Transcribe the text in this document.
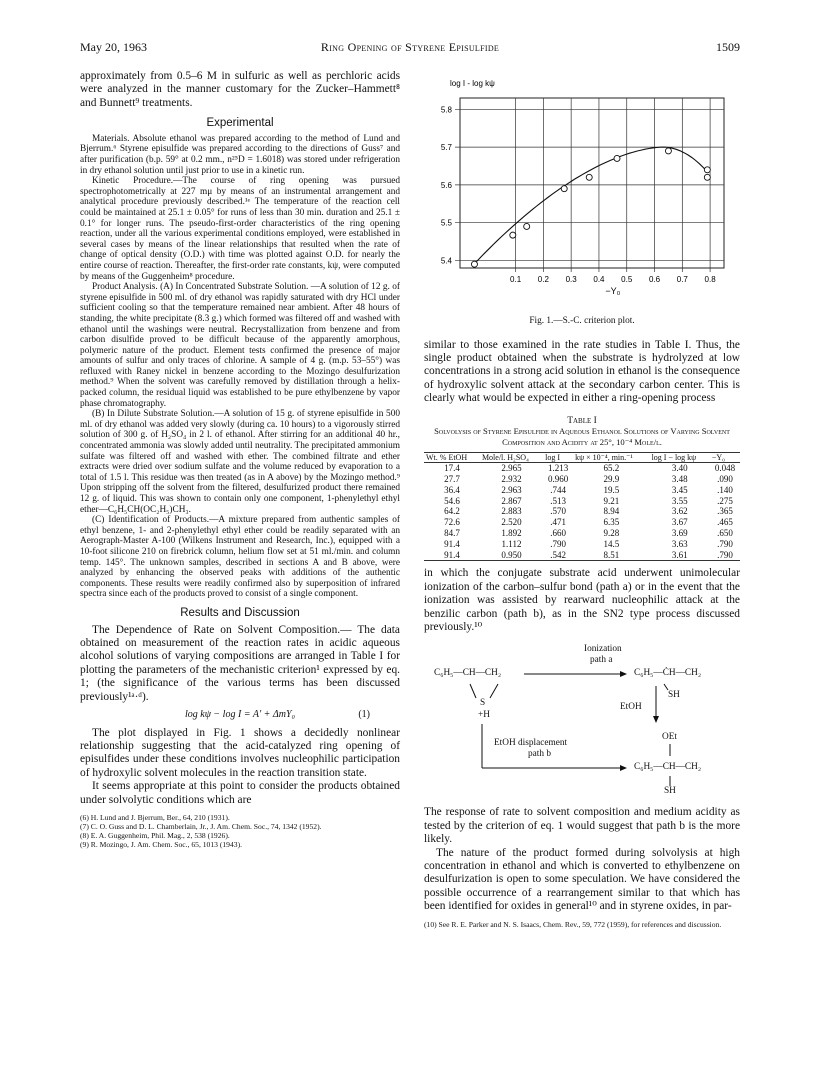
May 20, 1963	Ring Opening of Styrene Episulfide	1509

approximately from 0.5–6 M in sulfuric as well as perchloric acids were analyzed in the manner customary for the Zucker–Hammett⁸ and Bunnett⁹ treatments.

Experimental

Materials. Absolute ethanol was prepared according to the method of Lund and Bjerrum.⁶ Styrene episulfide was prepared according to the directions of Guss⁷ and after purification (b.p. 59° at 0.2 mm., n²⁵D = 1.6018) was stored under refrigeration in dry ethanol solution until just prior to use in a kinetic run.

Kinetic Procedure.—The course of ring opening was pursued spectrophotometrically at 227 mμ by means of an instrumental arrangement and analytical procedure previously described.¹ᵉ The temperature of the reaction cell could be maintained at 25.1 ± 0.05° for runs of less than 30 min. duration and 25.1 ± 0.1° for longer runs. The pseudo-first-order characteristics of the ring opening reaction, under all the various experimental conditions employed, were established in several cases by means of the linear relationships that resulted when the rate of change of optical density (O.D.) with time was plotted against O.D. for nearly the entire course of reaction. Thereafter, the first-order rate constants, kψ, were computed by means of the Guggenheim⁸ procedure.

Product Analysis. (A) In Concentrated Substrate Solution. —A solution of 12 g. of styrene episulfide in 500 ml. of dry ethanol was rapidly saturated with dry HCl under sufficient cooling so that the temperature remained near ambient. After 48 hours of standing, the white precipitate (8.3 g.) which formed was filtered off and washed with ethanol until the washings were neutral. Recrystallization from benzene and from carbon disulfide proved to be difficult because of the apparently amorphous, polymeric nature of the product. Element tests confirmed the presence of major amounts of sulfur and only traces of chlorine. A sample of 4 g. (m.p. 53–55°) was refluxed with Raney nickel in benzene according to the Mozingo desulfurization method.⁹ When the solvent was carefully removed by distillation through a helix-packed column, the residual liquid was established to be pure ethylbenzene by vapor phase chromatography.

(B) In Dilute Substrate Solution.—A solution of 15 g. of styrene episulfide in 500 ml. of dry ethanol was added very slowly (during ca. 10 hours) to a vigorously stirred solution of 300 g. of H₂SO₄ in 2 l. of ethanol. After stirring for an additional 40 hr., concentrated ammonia was slowly added until neutrality. The precipitated ammonium sulfate was filtered off and washed with ether. The combined filtrate and ether extracts were dried over sodium sulfate and the volume reduced by evaporation to a total of 1.5 l. This residue was then treated (as in A above) by the Mozingo method.⁹ Upon stripping off the solvent from the filtered, desulfurized product there remained 12 g. of liquid. This was shown to contain only one component, 1-phenylethyl ethyl ether—C₆H₅CH(OC₂H₅)CH₃.

(C) Identification of Products.—A mixture prepared from authentic samples of ethyl benzene, 1- and 2-phenylethyl ethyl ether could be readily separated with an Aerograph-Master A-100 (Wilkens Instrument and Research, Inc.), equipped with a 10-foot silicone 210 on firebrick column, helium flow set at 51 ml./min. and column temp. 145°. The unknown samples, described in sections A and B above, were analyzed by enhancing the observed peaks with additions of the authentic components. These results were readily confirmed also by superposition of infrared spectra since each of the products proved to consist of a single component.

Results and Discussion

The Dependence of Rate on Solvent Composition.— The data obtained on measurement of the reaction rates in acidic aqueous alcohol solutions of varying compositions are arranged in Table I for plotting the parameters of the mechanistic criterion¹ expressed by eq. 1; (the significance of the various terms has been discussed previously¹ᵃ·ᵈ).

log kψ − log I = A′ + ΔmY₀	(1)

The plot displayed in Fig. 1 shows a decidedly nonlinear relationship suggesting that the acid-catalyzed ring opening of episulfides under these conditions involves nucleophilic participation of hydroxylic solvent molecules in the reaction transition state.

It seems appropriate at this point to consider the products obtained under solvolytic conditions which are

(6) H. Lund and J. Bjerrum, Ber., 64, 210 (1931).
(7) C. O. Guss and D. L. Chamberlain, Jr., J. Am. Chem. Soc., 74, 1342 (1952).
(8) E. A. Guggenheim, Phil. Mag., 2, 538 (1926).
(9) R. Mozingo, J. Am. Chem. Soc., 65, 1013 (1943).
5.4
5.5
5.6
5.7
5.8
0.1 0.2 0.3 0.4 0.5 0.6 0.7 0.8
log I - log kψ
−Y₀
Fig. 1.—S.-C. criterion plot.

similar to those examined in the rate studies in Table I. Thus, the single product obtained when the substrate is hydrolyzed at low concentrations in a strong acid solution in ethanol is the consequence of hydroxylic solvent attack at the secondary carbon center. This is clearly what would be expected in either a ring-opening process

Table I
Solvolysis of Styrene Episulfide in Aqueous Ethanol Solutions of Varying Solvent Composition and Acidity at 25°, 10⁻⁴ Mole/l.
Wt. % EtOH	Mole/l. H₂SO₄	log I	kψ × 10⁻⁴, min.⁻¹	log I − log kψ	−Y₀
17.4	2.965	1.213	65.2	3.40	0.048
27.7	2.932	0.960	29.9	3.48	.090
36.4	2.963	.744	19.5	3.45	.140
54.6	2.867	.513	9.21	3.55	.275
64.2	2.883	.570	8.94	3.62	.365
72.6	2.520	.471	6.35	3.67	.465
84.7	1.892	.660	9.28	3.69	.650
91.4	1.112	.790	14.5	3.63	.790
91.4	0.950	.542	8.51	3.61	.790

in which the conjugate substrate acid underwent unimolecular ionization of the carbon–sulfur bond (path a) or in the event that the ionization was assisted by rearward nucleophilic attack at the benzilic carbon (path b), as in the SN2 type process discussed previously.¹⁰

Ionization
path a
C₆H₅—CH—CH₂
S
+H
C₆H₅—ĊH—CH₂
SH
EtOH
EtOH displacement
path b
OEt
C₆H₅—CH—CH₂
SH

The response of rate to solvent composition and medium acidity as tested by the criterion of eq. 1 would suggest that path b is the more likely.

The nature of the product formed during solvolysis at high concentration in ethanol and which is converted to ethylbenzene on desulfurization is open to some speculation. We have considered the possible occurrence of a rearrangement similar to that which has been identified for oxides in general¹⁰ and in styrene oxides, in par-

(10) See R. E. Parker and N. S. Isaacs, Chem. Rev., 59, 772 (1959), for references and discussion.
